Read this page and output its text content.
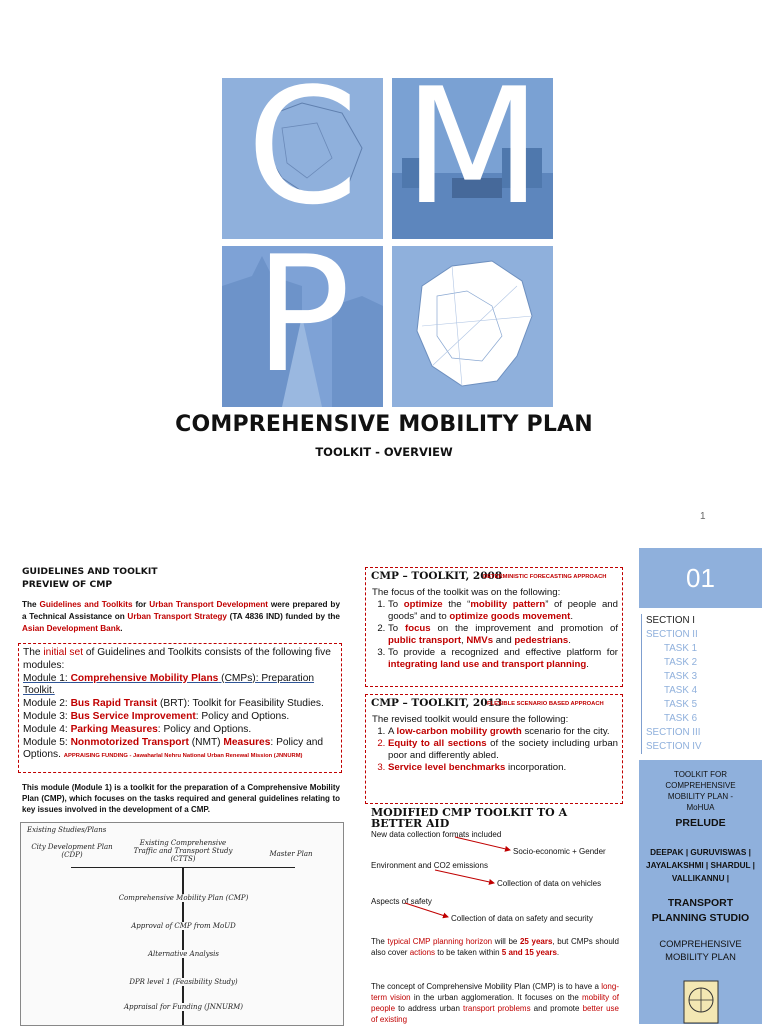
C M
P
COMPREHENSIVE MOBILITY PLAN
TOOLKIT - OVERVIEW
1
GUIDELINES AND TOOLKIT
PREVIEW OF CMP
The Guidelines and Toolkits for Urban Transport Development were prepared by a Technical Assistance on Urban Transport Strategy (TA 4836 IND) funded by the Asian Development Bank.
The initial set of Guidelines and Toolkits consists of the following five modules:
Module 1: Comprehensive Mobility Plans (CMPs): Preparation Toolkit.
Module 2: Bus Rapid Transit (BRT): Toolkit for Feasibility Studies.
Module 3: Bus Service Improvement: Policy and Options.
Module 4: Parking Measures: Policy and Options.
Module 5: Nonmotorized Transport (NMT) Measures: Policy and Options. APPRAISING FUNDING - Jawaharlal Nehru National Urban Renewal Mission (JNNURM)
This module (Module 1) is a toolkit for the preparation of a Comprehensive Mobility Plan (CMP), which focuses on the tasks required and general guidelines relating to key issues involved in the development of a CMP.
Existing Studies/Plans
City Development Plan (CDP)
Existing Comprehensive Traffic and Transport Study (CTTS)
Master Plan
Comprehensive Mobility Plan (CMP)
Approval of CMP from MoUD
Alternative Analysis
DPR level 1 (Feasibility Study)
Appraisal for Funding (JNNURM)
CMP – TOOLKIT, 2008
DETERMINISTIC FORECASTING APPROACH
The focus of the toolkit was on the following:
1. To optimize the “mobility pattern” of people and goods” and to optimize goods movement.
2. To focus on the improvement and promotion of public transport, NMVs and pedestrians.
3. To provide a recognized and effective platform for integrating land use and transport planning.
CMP – TOOLKIT, 2013
FLEXIBLE SCENARIO BASED APPROACH
The revised toolkit would ensure the following:
1. A low-carbon mobility growth scenario for the city.
2. Equity to all sections of the society including urban poor and differently abled.
3. Service level benchmarks incorporation.
MODIFIED CMP TOOLKIT TO A BETTER AID
New data collection formats included
Socio-economic + Gender
Environment and CO2 emissions
Collection of data on vehicles
Aspects of safety
Collection of data on safety and security
The typical CMP planning horizon will be 25 years, but CMPs should also cover actions to be taken within 5 and 15 years.
The concept of Comprehensive Mobility Plan (CMP) is to have a long-term vision in the urban agglomeration. It focuses on the mobility of people to address urban transport problems and promote better use of existing
01
SECTION I
SECTION II
TASK 1
TASK 2
TASK 3
TASK 4
TASK 5
TASK 6
SECTION III
SECTION IV
TOOLKIT FOR COMPREHENSIVE MOBILITY PLAN - MoHUA
PRELUDE
DEEPAK | GURUVISWAS | JAYALAKSHMI | SHARDUL | VALLIKANNU |
TRANSPORT PLANNING STUDIO
COMPREHENSIVE MOBILITY PLAN
